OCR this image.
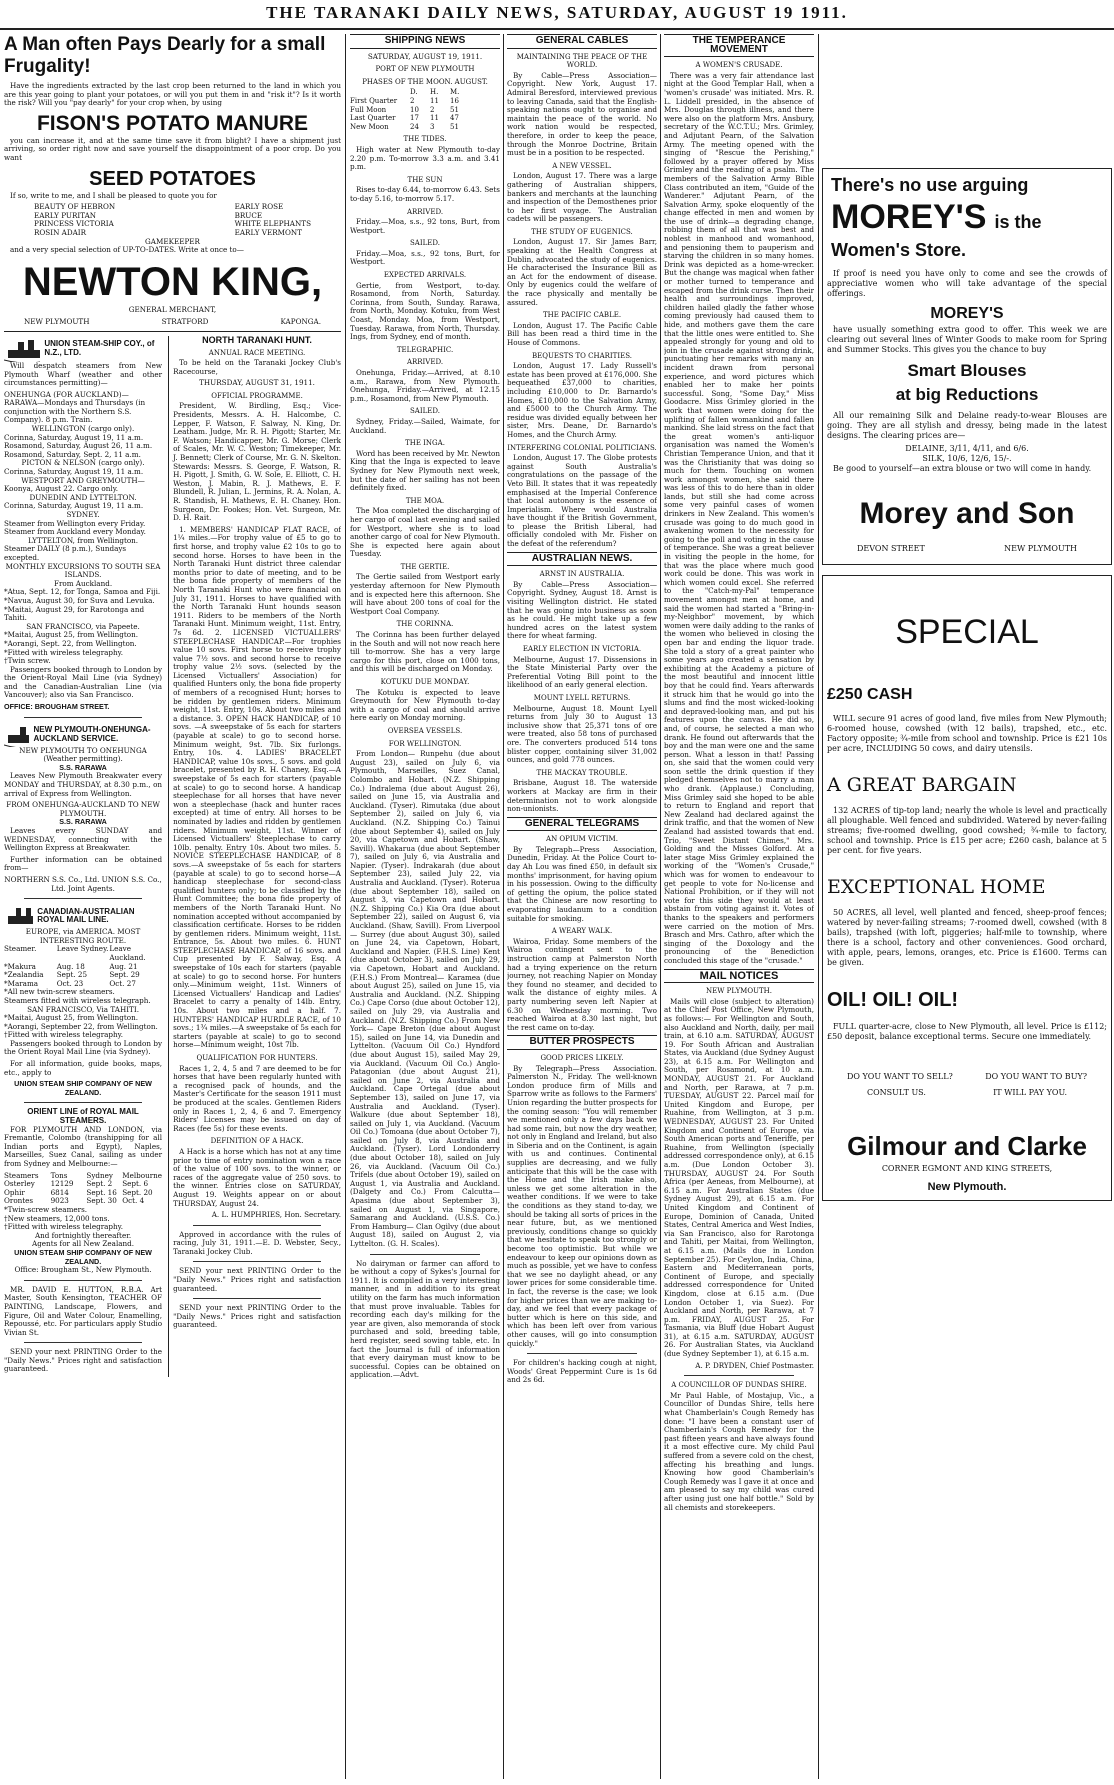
THE TARANAKI DAILY NEWS, SATURDAY, AUGUST 19 1911.
A Man often Pays Dearly for a small Frugality!

Have the ingredients extracted by the last crop been returned to the land in which you are this year going to plant your potatoes, or will you put them in and "risk it"? Is it worth the risk? Will you "pay dearly" for your crop when, by using

FISON'S POTATO MANURE

you can increase it, and at the same time save it from blight? I have a shipment just arriving, so order right now and save yourself the disappointment of a poor crop. Do you want

SEED POTATOES

If so, write to me, and I shall be pleased to quote you for

BEAUTY OF HEBRON
EARLY PURITAN
PRINCESS VICTORIA
ROSIN ADAIR
EARLY ROSE
BRUCE
WHITE ELEPHANTS
EARLY VERMONT
GAMEKEEPER

and a very special selection of UP-TO-DATES. Write at once to—

NEWTON KING,
GENERAL MERCHANT,
NEW PLYMOUTH	STRATFORD	KAPONGA.
UNION STEAM-SHIP COY., of N.Z., LTD.

Will despatch steamers from New Plymouth Wharf (weather and other circumstances permitting)—

ONEHUNGA (FOR AUCKLAND)—
RARAWA—Mondays and Thursdays (in conjunction with the Northern S.S. Company). 8 p.m. Train.
WELLINGTON (cargo only).
Corinna, Saturday, August 19, 11 a.m.
Rosamond, Saturday, August 26, 11 a.m.
Rosamond, Saturday, Sept. 2, 11 a.m.
PICTON & NELSON (cargo only).
Corinna, Saturday, August 19, 11 a.m.
WESTPORT AND GREYMOUTH—
Koonya, August 22. Cargo only.
DUNEDIN AND LYTTELTON.
Corinna, Saturday, August 19, 11 a.m.
SYDNEY.
Steamer from Wellington every Friday.
Steamer from Auckland every Monday.
LYTTELTON, from Wellington.
Steamer DAILY (8 p.m.), Sundays excepted.
MONTHLY EXCURSIONS TO SOUTH SEA ISLANDS.
From Auckland.
*Atua, Sept. 12, for Tonga, Samoa and Fiji.
*Navua, August 30, for Suva and Levuka.
*Maitai, August 29, for Rarotonga and Tahiti.
SAN FRANCISCO, via Papeete.
*Maitai, August 25, from Wellington.
*Aorangi, Sept. 22, from Wellington.
*Fitted with wireless telegraphy.
†Twin screw.

Passengers booked through to London by the Orient-Royal Mail Line (via Sydney) and the Canadian-Australian Line (via Vancouver); also via San Francisco.

OFFICE: BROUGHAM STREET.
NEW PLYMOUTH-ONEHUNGA-AUCKLAND SERVICE.
NEW PLYMOUTH TO ONEHUNGA (Weather permitting).
S.S. RARAWA

Leaves New Plymouth Breakwater every MONDAY and THURSDAY, at 8.30 p.m., on arrival of Express from Wellington.

FROM ONEHUNGA-AUCKLAND TO NEW PLYMOUTH.
S.S. RARAWA

Leaves every SUNDAY and WEDNESDAY, connecting with the Wellington Express at Breakwater.

Further information can be obtained from—

NORTHERN S.S. Co., Ltd. UNION S.S. Co., Ltd. Joint Agents.
CANADIAN-AUSTRALIAN ROYAL MAIL LINE.
EUROPE, via AMERICA. MOST INTERESTING ROUTE.
Steamer.	Leave Sydney. Leave Auckland.
*Makura	Aug. 18	Aug. 21
*Zealandia	Sept. 25	Sept. 29
*Marama	Oct. 23	Oct. 27
*All new twin-screw steamers.
Steamers fitted with wireless telegraph.
SAN FRANCISCO, Via TAHITI.
*Maitai, August 25, from Wellington.
*Aorangi, September 22, from Wellington.
†Fitted with wireless telegraphy.

Passengers booked through to London by the Orient Royal Mail Line (via Sydney).

For all information, guide books, maps, etc., apply to

UNION STEAM SHIP COMPANY OF NEW ZEALAND.
ORIENT LINE of ROYAL MAIL STEAMERS.

FOR PLYMOUTH AND LONDON, via Fremantle, Colombo (transhipping for all Indian ports and Egypt), Naples, Marseilles, Suez Canal, sailing as under from Sydney and Melbourne:—

Steamers	Tons	Sydney	Melbourne
Osterley	12129	Sept. 2	Sept. 6
Ophir	6814	Sept. 16 Sept. 20
Orontes	9023	Sept. 30 Oct. 4
*Twin-screw steamers.
†New steamers, 12,000 tons.
†Fitted with wireless telegraphy.
And fortnightly thereafter.
Agents for all New Zealand.
UNION STEAM SHIP COMPANY OF NEW ZEALAND.
Office: Brougham St., New Plymouth.

MR. DAVID E. HUTTON, R.B.A. Art Master, South Kensington, TEACHER OF PAINTING, Landscape, Flowers, and Figure, Oil and Water Colour, Enamelling, Repoussé, etc. For particulars apply Studio Vivian St.

SEND your next PRINTING Order to the "Daily News." Prices right and satisfaction guaranteed.

NORTH TARANAKI HUNT.
ANNUAL RACE MEETING.

To be held on the Taranaki Jockey Club's Racecourse,

THURSDAY, AUGUST 31, 1911.
OFFICIAL PROGRAMME.

President, W. Birdling, Esq.; Vice-Presidents, Messrs. A. H. Halcombe, C. Lepper, F. Watson, F. Salway, N. King, Dr. Leatham. Judge, Mr. R. H. Pigott; Starter, Mr. F. Watson; Handicapper, Mr. G. Morse; Clerk of Scales, Mr. W. C. Weston; Timekeeper, Mr. J. Bennett; Clerk of Course, Mr. G. N. Skelton. Stewards: Messrs. S. George, F. Watson, R. H. Pigott, J. Smith, G. W. Sole, E. Elliott, C. H. Weston, J. Mabin, R. J. Mathews, E. F. Blundell, R. Julian, L. Jermins, R. A. Nolan, A. R. Standish, H. Mathews, E. H. Chaney. Hon. Surgeon, Dr. Fookes; Hon. Vet. Surgeon, Mr. D. H. Rait.

1. MEMBERS' HANDICAP FLAT RACE, of 1¼ miles.—For trophy value of £5 to go to first horse, and trophy value £2 10s to go to second horse. Horses to have been in the North Taranaki Hunt district three calendar months prior to date of meeting, and to be the bona fide property of members of the North Taranaki Hunt who were financial on July 31, 1911. Horses to have qualified with the North Taranaki Hunt hounds season 1911. Riders to be members of the North Taranaki Hunt. Minimum weight, 11st. Entry, 7s 6d. 2. LICENSED VICTUALLERS' STEEPLECHASE HANDICAP.—For trophies value 10 sovs. First horse to receive trophy value 7½ sovs. and second horse to receive trophy value 2½ sovs. (selected by the Licensed Victuallers' Association) for qualified Hunters only, the bona fide property of members of a recognised Hunt; horses to be ridden by gentlemen riders. Minimum weight, 11st. Entry, 10s. About two miles and a distance. 3. OPEN HACK HANDICAP, of 10 sovs. —A sweepstake of 5s each for starters (payable at scale) to go to second horse. Minimum weight, 9st. 7lb. Six furlongs. Entry, 10s. 4. LADIES' BRACELET HANDICAP, value 10s sovs., 5 sovs. and gold bracelet, presented by R. H. Chaney, Esq.—A sweepstake of 5s each for starters (payable at scale) to go to second horse. A handicap steeplechase for all horses that have never won a steeplechase (hack and hunter races excepted) at time of entry. All horses to be nominated by ladies and ridden by gentlemen riders. Minimum weight, 11st. Winner of Licensed Victuallers' Steeplechase to carry 10lb. penalty. Entry 10s. About two miles. 5. NOVICE STEEPLECHASE HANDICAP, of 8 sovs.—A sweepstake of 5s each for starters (payable at scale) to go to second horse—A handicap steeplechase for second-class qualified hunters only; to be classified by the Hunt Committee; the bona fide property of members of the North Taranaki Hunt. No nomination accepted without accompanied by classification certificate. Horses to be ridden by gentlemen riders. Minimum weight, 11st. Entrance, 5s. About two miles. 6. HUNT STEEPLECHASE HANDICAP, of 16 sovs. and Cup presented by F. Salway, Esq. A sweepstake of 10s each for starters (payable at scale) to go to second horse. For hunters only.—Minimum weight, 11st. Winners of Licensed Victuallers' Handicap and Ladies' Bracelet to carry a penalty of 14lb. Entry, 10s. About two miles and a half. 7. HUNTERS' HANDICAP HURDLE RACE, of 10 sovs.; 1¾ miles.—A sweepstake of 5s each for starters (payable at scale) to go to second horse—Minimum weight, 10st 7lb.

QUALIFICATION FOR HUNTERS.

Races 1, 2, 4, 5 and 7 are deemed to be for horses that have been regularly hunted with a recognised pack of hounds, and the Master's Certificate for the season 1911 must be produced at the scales. Gentlemen Riders only in Races 1, 2, 4, 6 and 7. Emergency Riders' Licenses may be issued on day of Races (fee 5s) for these events.

DEFINITION OF A HACK.

A Hack is a horse which has not at any time prior to time of entry nomination won a race of the value of 100 sovs. to the winner, or races of the aggregate value of 250 sovs. to the winner. Entries close on SATURDAY, August 19. Weights appear on or about THURSDAY, August 24.

A. L. HUMPHRIES, Hon. Secretary.

Approved in accordance with the rules of racing, July 31, 1911.—E. D. Webster, Secy., Taranaki Jockey Club.

SEND your next PRINTING Order to the "Daily News." Prices right and satisfaction guaranteed.

SEND your next PRINTING Order to the "Daily News." Prices right and satisfaction guaranteed.

SHIPPING NEWS
SATURDAY, AUGUST 19, 1911.
PORT OF NEW PLYMOUTH
PHASES OF THE MOON. AUGUST.
D.	H.	M.
First Quarter	2	11	16
Full Moon	10	2	51
Last Quarter	17	11	47
New Moon	24	3	51
THE TIDES.

High water at New Plymouth to-day 2.20 p.m. To-morrow 3.3 a.m. and 3.41 p.m.

THE SUN

Rises to-day 6.44, to-morrow 6.43. Sets to-day 5.16, to-morrow 5.17.

ARRIVED.

Friday.—Moa, s.s., 92 tons, Burt, from Westport.

SAILED.

Friday.—Moa, s.s., 92 tons, Burt, for Westport.

EXPECTED ARRIVALS.

Gertie, from Westport, to-day. Rosamond, from North, Saturday. Corinna, from South, Sunday. Rarawa, from North, Monday. Kotuku, from West Coast, Monday. Moa, from Westport, Tuesday. Rarawa, from North, Thursday. Ings, from Sydney, end of month.

TELEGRAPHIC.
ARRIVED.

Onehunga, Friday.—Arrived, at 8.10 a.m., Rarawa, from New Plymouth. Onehunga, Friday.—Arrived, at 12.15 p.m., Rosamond, from New Plymouth.

SAILED.

Sydney, Friday.—Sailed, Waimate, for Auckland.

THE INGA.

Word has been received by Mr. Newton King that the Inga is expected to leave Sydney for New Plymouth next week, but the date of her sailing has not been definitely fixed.

THE MOA.

The Moa completed the discharging of her cargo of coal last evening and sailed for Westport, where she is to load another cargo of coal for New Plymouth. She is expected here again about Tuesday.

THE GERTIE.

The Gertie sailed from Westport early yesterday afternoon for New Plymouth and is expected here this afternoon. She will have about 200 tons of coal for the Westport Coal Company.

THE CORINNA.

The Corinna has been further delayed in the South and will not now reach here till to-morrow. She has a very large cargo for this port, close on 1000 tons, and this will be discharged on Monday.

KOTUKU DUE MONDAY.

The Kotuku is expected to leave Greymouth for New Plymouth to-day with a cargo of coal and should arrive here early on Monday morning.

OVERSEA VESSELS.
FOR WELLINGTON.

From London— Runpehu (due about August 23), sailed on July 6, via Plymouth, Marseilles, Suez Canal, Colombo and Hobart. (N.Z. Shipping Co.) Indralema (due about August 26), sailed on June 15, via Australia and Auckland. (Tyser). Rimutaka (due about September 2), sailed on July 6, via Auckland. (N.Z. Shipping Co.) Tainui (due about September 4), sailed on July 20, via Capetown and Hobart. (Shaw, Savill). Whakarua (due about September 7), sailed on July 6, via Australia and Napier. (Tyser). Indrakarah (due about September 23), sailed July 22, via Australia and Auckland. (Tyser). Roterua (due about September 18), sailed on August 3, via Capetown and Hobart. (N.Z. Shipping Co.) Kia Ora (due about September 22), sailed on August 6, via Auckland. (Shaw, Savill). From Liverpool— Surrey (due about August 30), sailed on June 24, via Capetown, Hobart, Auckland and Napier. (F.H.S. Line) Kent (due about October 3), sailed on July 29, via Capetown, Hobart and Auckland. (F.H.S.) From Montreal— Karamea (due about August 25), sailed on June 15, via Australia and Auckland. (N.Z. Shipping Co.) Cape Corso (due about October 12), sailed on July 29, via Australia and Auckland. (N.Z. Shipping Co.) From New York— Cape Breton (due about August 15), sailed on June 14, via Dunedin and Lyttelton. (Vacuum Oil Co.) Hyndford (due about August 15), sailed May 29, via Auckland. (Vacuum Oil Co.) Anglo-Patagonian (due about August 21), sailed on June 2, via Australia and Auckland. Cape Ortegal (due about September 13), sailed on June 17, via Australia and Auckland. (Tyser). Walkure (due about September 18), sailed on July 1, via Auckland. (Vacuum Oil Co.) Tomoana (due about October 7), sailed on July 8, via Australia and Auckland. (Tyser). Lord Londonderry (due about October 18), sailed on July 26, via Auckland. (Vacuum Oil Co.) Trifels (due about October 19), sailed on August 1, via Australia and Auckland. (Dalgety and Co.) From Calcutta— Apasima (due about September 3), sailed on August 1, via Singapore, Samarang and Auckland. (U.S.S. Co.) From Hamburg— Clan Ogilvy (due about August 18), sailed on August 2, via Lyttelton. (G. H. Scales).

No dairyman or farmer can afford to be without a copy of Sykes's Journal for 1911. It is compiled in a very interesting manner, and in addition to its great utility on the farm has much information that must prove invaluable. Tables for recording each day's milking for the year are given, also memoranda of stock purchased and sold, breeding table, herd register, seed sowing table, etc. In fact the Journal is full of information that every dairyman must know to be successful. Copies can be obtained on application.—Advt.

GENERAL CABLES
MAINTAINING THE PEACE OF THE WORLD.

By Cable—Press Association—Copyright. New York, August 17. Admiral Beresford, interviewed previous to leaving Canada, said that the English-speaking nations ought to organise and maintain the peace of the world. No work nation would be respected, therefore, in order to keep the peace, through the Monroe Doctrine, Britain must be in a position to be respected.

A NEW VESSEL.

London, August 17. There was a large gathering of Australian shippers, bankers and merchants at the launching and inspection of the Demosthenes prior to her first voyage. The Australian cadets will be passengers.

THE STUDY OF EUGENICS.

London, August 17. Sir James Barr, speaking at the Health Congress at Dublin, advocated the study of eugenics. He characterised the Insurance Bill as an Act for the endowment of disease. Only by eugenics could the welfare of the race physically and mentally be assured.

THE PACIFIC CABLE.

London, August 17. The Pacific Cable Bill has been read a third time in the House of Commons.

BEQUESTS TO CHARITIES.

London, August 17. Lady Russell's estate has been proved at £176,000. She bequeathed £37,000 to charities, including £10,000 to Dr. Barnardo's Homes, £10,000 to the Salvation Army, and £5000 to the Church Army. The residue was divided equally between her sister, Mrs. Deane, Dr. Barnardo's Homes, and the Church Army.

INTERFERING COLONIAL POLITICIANS.

London, August 17. The Globe protests against South Australia's congratulations on the passage of the Veto Bill. It states that it was repeatedly emphasised at the Imperial Conference that local autonomy is the essence of Imperialism. Where would Australia have thought if the British Government, to please the British Liberal, had officially condoled with Mr. Fisher on the defeat of the referendum?

AUSTRALIAN NEWS.
ARNST IN AUSTRALIA.

By Cable—Press Association—Copyright. Sydney, August 18. Arnst is visiting Wellington district. He stated that he was going into business as soon as he could. He might take up a few hundred acres on the latest system there for wheat farming.

EARLY ELECTION IN VICTORIA.

Melbourne, August 17. Dissensions in the State Ministerial Party over the Preferential Voting Bill point to the likelihood of an early general election.

MOUNT LYELL RETURNS.

Melbourne, August 18. Mount Lyell returns from July 30 to August 13 inclusive show that 25,371 tons of ore were treated, also 58 tons of purchased ore. The converters produced 514 tons blister copper, containing silver 31,002 ounces, and gold 778 ounces.

THE MACKAY TROUBLE.

Brisbane, August 18. The waterside workers at Mackay are firm in their determination not to work alongside non-unionists.

GENERAL TELEGRAMS
AN OPIUM VICTIM.

By Telegraph—Press Association, Dunedin, Friday. At the Police Court to-day Ah Lou was fined £50, in default six months' imprisonment, for having opium in his possession. Owing to the difficulty of getting the opium, the police stated that the Chinese are now resorting to evaporating laudanum to a condition suitable for smoking.

A WEARY WALK.

Wairoa, Friday. Some members of the Wairoa contingent sent to the instruction camp at Palmerston North had a trying experience on the return journey, not reaching Napier on Monday they found no steamer, and decided to walk the distance of eighty miles. A party numbering seven left Napier at 6.30 on Wednesday morning. Two reached Wairoa at 8.30 last night, but the rest came on to-day.

BUTTER PROSPECTS
GOOD PRICES LIKELY.

By Telegraph—Press Association. Palmerston N., Friday. The well-known London produce firm of Mills and Sparrow write as follows to the Farmers' Union regarding the butter prospects for the coming season: "You will remember we mentioned only a few days back we had some rain, but now the dry weather, not only in England and Ireland, but also in Siberia and on the Continent, is again with us and continues. Continental supplies are decreasing, and we fully anticipate that this will be the case with the Home and the Irish make also, unless we get some alteration in the weather conditions. If we were to take the conditions as they stand to-day, we should be taking all sorts of prices in the near future, but, as we mentioned previously, conditions change so quickly that we hesitate to speak too strongly or become too optimistic. But while we endeavour to keep our opinions down as much as possible, yet we have to confess that we see no daylight ahead, or any lower prices for some considerable time. In fact, the reverse is the case; we look for higher prices than we are making to-day, and we feel that every package of butter which is here on this side, and which has been left over from various other causes, will go into consumption quickly."

For children's hacking cough at night, Woods' Great Peppermint Cure is 1s 6d and 2s 6d.

THE TEMPERANCE MOVEMENT
A WOMEN'S CRUSADE.

There was a very fair attendance last night at the Good Templar Hall, when a 'women's crusade' was initiated. Mrs. R. L. Liddell presided, in the absence of Mrs. Douglas through illness, and there were also on the platform Mrs. Ansbury, secretary of the W.C.T.U.; Mrs. Grimley, and Adjutant Pearn, of the Salvation Army. The meeting opened with the singing of "Rescue the Perishing," followed by a prayer offered by Miss Grimley and the reading of a psalm. The members of the Salvation Army Bible Class contributed an item, "Guide of the Wanderer." Adjutant Pearn, of the Salvation Army, spoke eloquently of the change effected in men and women by the use of drink—a degrading change, robbing them of all that was best and noblest in manhood and womanhood, and pensioning them to pauperism and starving the children in so many homes. Drink was depicted as a home-wrecker. But the change was magical when father or mother turned to temperance and escaped from the drink curse. Then their health and surroundings improved, children hailed gladly the father whose coming previously had caused them to hide, and mothers gave them the care that the little ones were entitled to. She appealed strongly for young and old to join in the crusade against strong drink, punctuating her remarks with many an incident drawn from personal experience, and word pictures which enabled her to make her points successful. Song, "Some Day," Miss Goodacre. Miss Grimley gloried in the work that women were doing for the uplifting of fallen womankind and fallen mankind. She laid stress on the fact that the great women's anti-liquor organisation was named the Women's Christian Temperance Union, and that it was the Christianity that was doing so much for them. Touching on women work amongst women, she said there was less of this to do here than in older lands, but still she had come across some very painful cases of women drinkers in New Zealand. This women's crusade was going to do much good in awakening women to the necessity for going to the poll and voting in the cause of temperance. She was a great believer in visiting the people in the home, for that was the place where much good work could be done. This was work in which women could excel. She referred to the "Catch-my-Pal" temperance movement amongst men at home, and said the women had started a "Bring-in-my-Neighbor" movement, by which women were daily adding to the ranks of the women who believed in closing the open bar and ending the liquor trade. She told a story of a great painter who some years ago created a sensation by exhibiting at the Academy a picture of the most beautiful and innocent little boy that he could find. Years afterwards it struck him that he would go into the slums and find the most wicked-looking and depraved-looking man, and put his features upon the canvas. He did so, and, of course, he selected a man who drank. He found out afterwards that the boy and the man were one and the same person. What a lesson in that! Passing on, she said that the women could very soon settle the drink question if they pledged themselves not to marry a man who drank. (Applause.) Concluding, Miss Grimley said she hoped to be able to return to England and report that New Zealand had declared against the drink traffic, and that the women of New Zealand had assisted towards that end. Trio, "Sweet Distant Chimes," Mrs. Golding and the Misses Golford. At a later stage Miss Grimley explained the working of the "Women's Crusade," which was for women to endeavour to get people to vote for No-license and National Prohibition, or if they will not vote for this side they would at least abstain from voting against it. Votes of thanks to the speakers and performers were carried on the motion of Mrs. Brasch and Mrs. Cathro, after which the singing of the Doxology and the pronouncing of the Benediction concluded this stage of the "crusade."

MAIL NOTICES
NEW PLYMOUTH.

Mails will close (subject to alteration) at the Chief Post Office, New Plymouth, as follows:— For Wellington and South, also Auckland and North, daily, per mail train, at 6.10 a.m. SATURDAY, AUGUST 19. For South African and Australian States, via Auckland (due Sydney August 23), at 6.15 a.m. For Wellington and South, per Rosamond, at 10 a.m. MONDAY, AUGUST 21. For Auckland and North, per Rarawa, at 7 p.m. TUESDAY, AUGUST 22. Parcel mail for United Kingdom and Europe, per Ruahine, from Wellington, at 3 p.m. WEDNESDAY, AUGUST 23. For United Kingdom and Continent of Europe, via South American ports and Teneriffe, per Ruahine, from Wellington (specially addressed correspondence only), at 6.15 a.m. (Due London October 3). THURSDAY, AUGUST 24. For South Africa (per Aeneas, from Melbourne), at 6.15 a.m. For Australian States (due Sydney August 29), at 6.15 a.m. For United Kingdom and Continent of Europe, Dominion of Canada, United States, Central America and West Indies, via San Francisco, also for Rarotonga and Tahiti, per Maitai, from Wellington, at 6.15 a.m. (Mails due in London September 25). For Ceylon, India, China, Eastern and Mediterranean ports, Continent of Europe, and specially addressed correspondence for United Kingdom, close at 6.15 a.m. (Due London October 1, via Suez). For Auckland and North, per Rarawa, at 7 p.m. FRIDAY, AUGUST 25. For Tasmania, via Bluff (due Hobart August 31), at 6.15 a.m. SATURDAY, AUGUST 26. For Australian States, via Auckland (due Sydney September 1), at 6.15 a.m.

A. P. DRYDEN, Chief Postmaster.
A COUNCILLOR OF DUNDAS SHIRE.

Mr Paul Hable, of Mostajup, Vic., a Councillor of Dundas Shire, tells here what Chamberlain's Cough Remedy has done: "I have been a constant user of Chamberlain's Cough Remedy for the past fifteen years and have always found it a most effective cure. My child Paul suffered from a severe cold on the chest, affecting his breathing and lungs. Knowing how good Chamberlain's Cough Remedy was I gave it at once and am pleased to say my child was cured after using just one half bottle." Sold by all chemists and storekeepers.

There's no use arguing
MOREY'S is the
Women's Store.

If proof is need you have only to come and see the crowds of appreciative women who will take advantage of the special offerings.

MOREY'S

have usually something extra good to offer. This week we are clearing out several lines of Winter Goods to make room for Spring and Summer Stocks. This gives you the chance to buy

Smart Blouses
at big Reductions

All our remaining Silk and Delaine ready-to-wear Blouses are going. They are all stylish and dressy, being made in the latest designs. The clearing prices are—

DELAINE, 3/11, 4/11, and 6/6.
SILK, 10/6, 12/6, 15/-.

Be good to yourself—an extra blouse or two will come in handy.

Morey and Son
DEVON STREET	NEW PLYMOUTH
SPECIAL
£250 CASH

WILL secure 91 acres of good land, five miles from New Plymouth; 6-roomed house, cowshed (with 12 bails), trapshed, etc., etc. Factory opposite; ¾-mile from school and township. Price is £21 10s per acre, INCLUDING 50 cows, and dairy utensils.

A GREAT BARGAIN

132 ACRES of tip-top land; nearly the whole is level and practically all ploughable. Well fenced and subdivided. Watered by never-failing streams; five-roomed dwelling, good cowshed; ¾-mile to factory, school and township. Price is £15 per acre; £260 cash, balance at 5 per cent. for five years.

EXCEPTIONAL HOME

50 ACRES, all level, well planted and fenced, sheep-proof fences; watered by never-failing streams; 7-roomed dwell, cowshed (with 8 bails), trapshed (with loft, piggeries; half-mile to township, where there is a school, factory and other conveniences. Good orchard, with apple, pears, lemons, oranges, etc. Price is £1600. Terms can be given.

OIL! OIL! OIL!

FULL quarter-acre, close to New Plymouth, all level. Price is £112; £50 deposit, balance exceptional terms. Secure one immediately.

DO YOU WANT TO SELL?	DO YOU WANT TO BUY?
CONSULT US.	IT WILL PAY YOU.
Gilmour and Clarke
CORNER EGMONT AND KING STREETS,
New Plymouth.
